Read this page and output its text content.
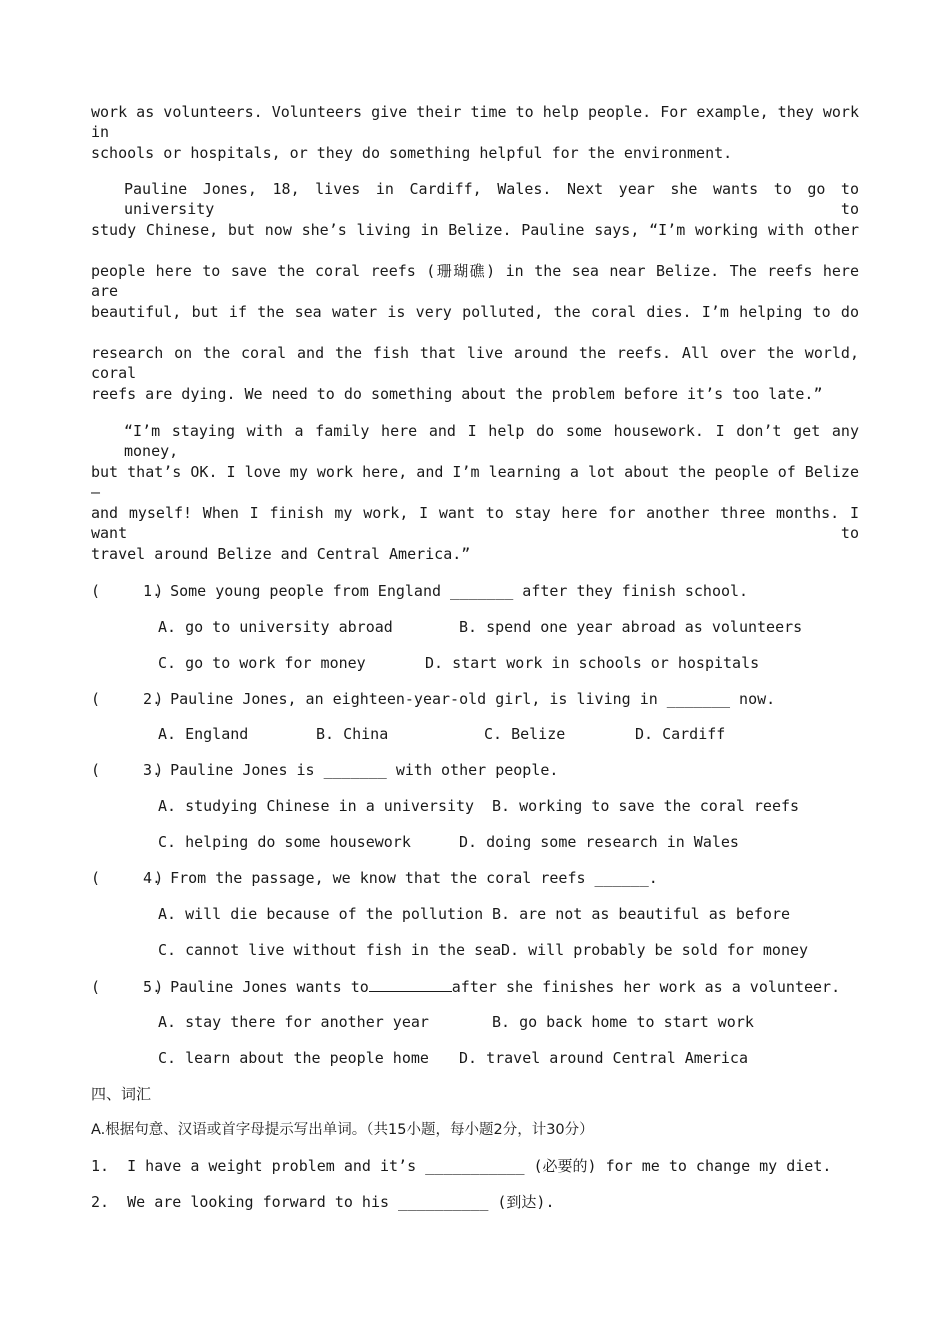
work as volunteers. Volunteers give their time to help people. For example, they work in
schools or hospitals, or they do something helpful for the environment.
Pauline Jones, 18, lives in Cardiff, Wales. Next year she wants to go to university to
study Chinese, but now she’s living in Belize. Pauline says, “I’m working with other
people here to save the coral reefs (珊瑚礁) in the sea near Belize. The reefs here are
beautiful, but if the sea water is very polluted, the coral dies. I’m helping to do
research on the coral and the fish that live around the reefs. All over the world, coral
reefs are dying. We need to do something about the problem before it’s too late.”
“I’m staying with a family here and I help do some housework. I don’t get any money,
but that’s OK. I love my work here, and I’m learning a lot about the people of Belize—
and myself! When I finish my work, I want to stay here for another three months. I want to
travel around Belize and Central America.”
(      )1. Some young people from England _______ after they finish school.
A. go to university abroad	B. spend one year abroad as volunteers
C. go to work for money	D. start work in schools or hospitals
(      )2. Pauline Jones, an eighteen-year-old girl, is living in _______ now.
A. England	B. China	C. Belize	D. Cardiff
(      )3. Pauline Jones is _______ with other people.
A. studying Chinese in a university B. working to save the coral reefs
C. helping do some housework	D. doing some research in Wales
(      )4. From the passage, we know that the coral reefs ______.
A. will die because of the pollution B. are not as beautiful as before
C. cannot live without fish in the sea D. will probably be sold for money
(      )5. Pauline Jones wants to	after she finishes her work as a volunteer.
A. stay there for another year	B. go back home to start work
C. learn about the people home D. travel around Central America
四、词汇
A.根据句意、汉语或首字母提示写出单词。（共15小题，每小题2分，计30分）
1.  I have a weight problem and it’s ___________ (必要的) for me to change my diet.
2.  We are looking forward to his __________ (到达).
